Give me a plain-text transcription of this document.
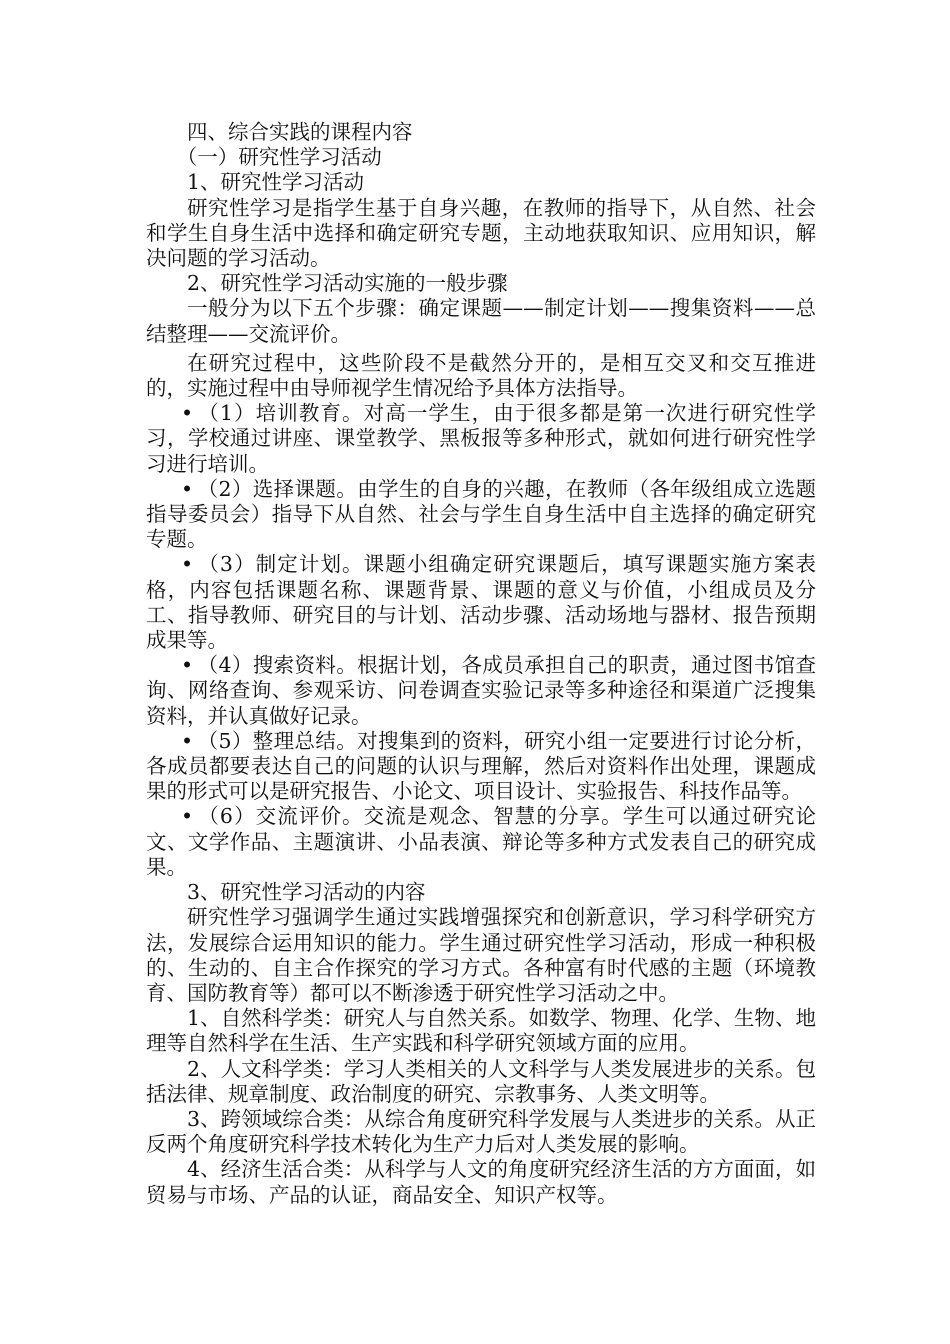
四、综合实践的课程内容

（一）研究性学习活动

1、研究性学习活动

研究性学习是指学生基于自身兴趣，在教师的指导下，从自然、社会和学生自身生活中选择和确定研究专题，主动地获取知识、应用知识，解决问题的学习活动。

2、研究性学习活动实施的一般步骤

一般分为以下五个步骤：确定课题——制定计划——搜集资料——总结整理——交流评价。

在研究过程中，这些阶段不是截然分开的，是相互交叉和交互推进的，实施过程中由导师视学生情况给予具体方法指导。

• （1）培训教育。对高一学生，由于很多都是第一次进行研究性学习，学校通过讲座、课堂教学、黑板报等多种形式，就如何进行研究性学习进行培训。

• （2）选择课题。由学生的自身的兴趣，在教师（各年级组成立选题指导委员会）指导下从自然、社会与学生自身生活中自主选择的确定研究专题。

• （3）制定计划。课题小组确定研究课题后，填写课题实施方案表格，内容包括课题名称、课题背景、课题的意义与价值，小组成员及分工、指导教师、研究目的与计划、活动步骤、活动场地与器材、报告预期成果等。

• （4）搜索资料。根据计划，各成员承担自己的职责，通过图书馆查询、网络查询、参观采访、问卷调查实验记录等多种途径和渠道广泛搜集资料，并认真做好记录。

• （5）整理总结。对搜集到的资料，研究小组一定要进行讨论分析，各成员都要表达自己的问题的认识与理解，然后对资料作出处理，课题成果的形式可以是研究报告、小论文、项目设计、实验报告、科技作品等。

• （6）交流评价。交流是观念、智慧的分享。学生可以通过研究论文、文学作品、主题演讲、小品表演、辩论等多种方式发表自己的研究成果。

3、研究性学习活动的内容

研究性学习强调学生通过实践增强探究和创新意识，学习科学研究方法，发展综合运用知识的能力。学生通过研究性学习活动，形成一种积极的、生动的、自主合作探究的学习方式。各种富有时代感的主题（环境教育、国防教育等）都可以不断渗透于研究性学习活动之中。

1、自然科学类：研究人与自然关系。如数学、物理、化学、生物、地理等自然科学在生活、生产实践和科学研究领域方面的应用。

2、人文科学类：学习人类相关的人文科学与人类发展进步的关系。包括法律、规章制度、政治制度的研究、宗教事务、人类文明等。

3、跨领域综合类：从综合角度研究科学发展与人类进步的关系。从正反两个角度研究科学技术转化为生产力后对人类发展的影响。

4、经济生活合类：从科学与人文的角度研究经济生活的方方面面，如贸易与市场、产品的认证，商品安全、知识产权等。
